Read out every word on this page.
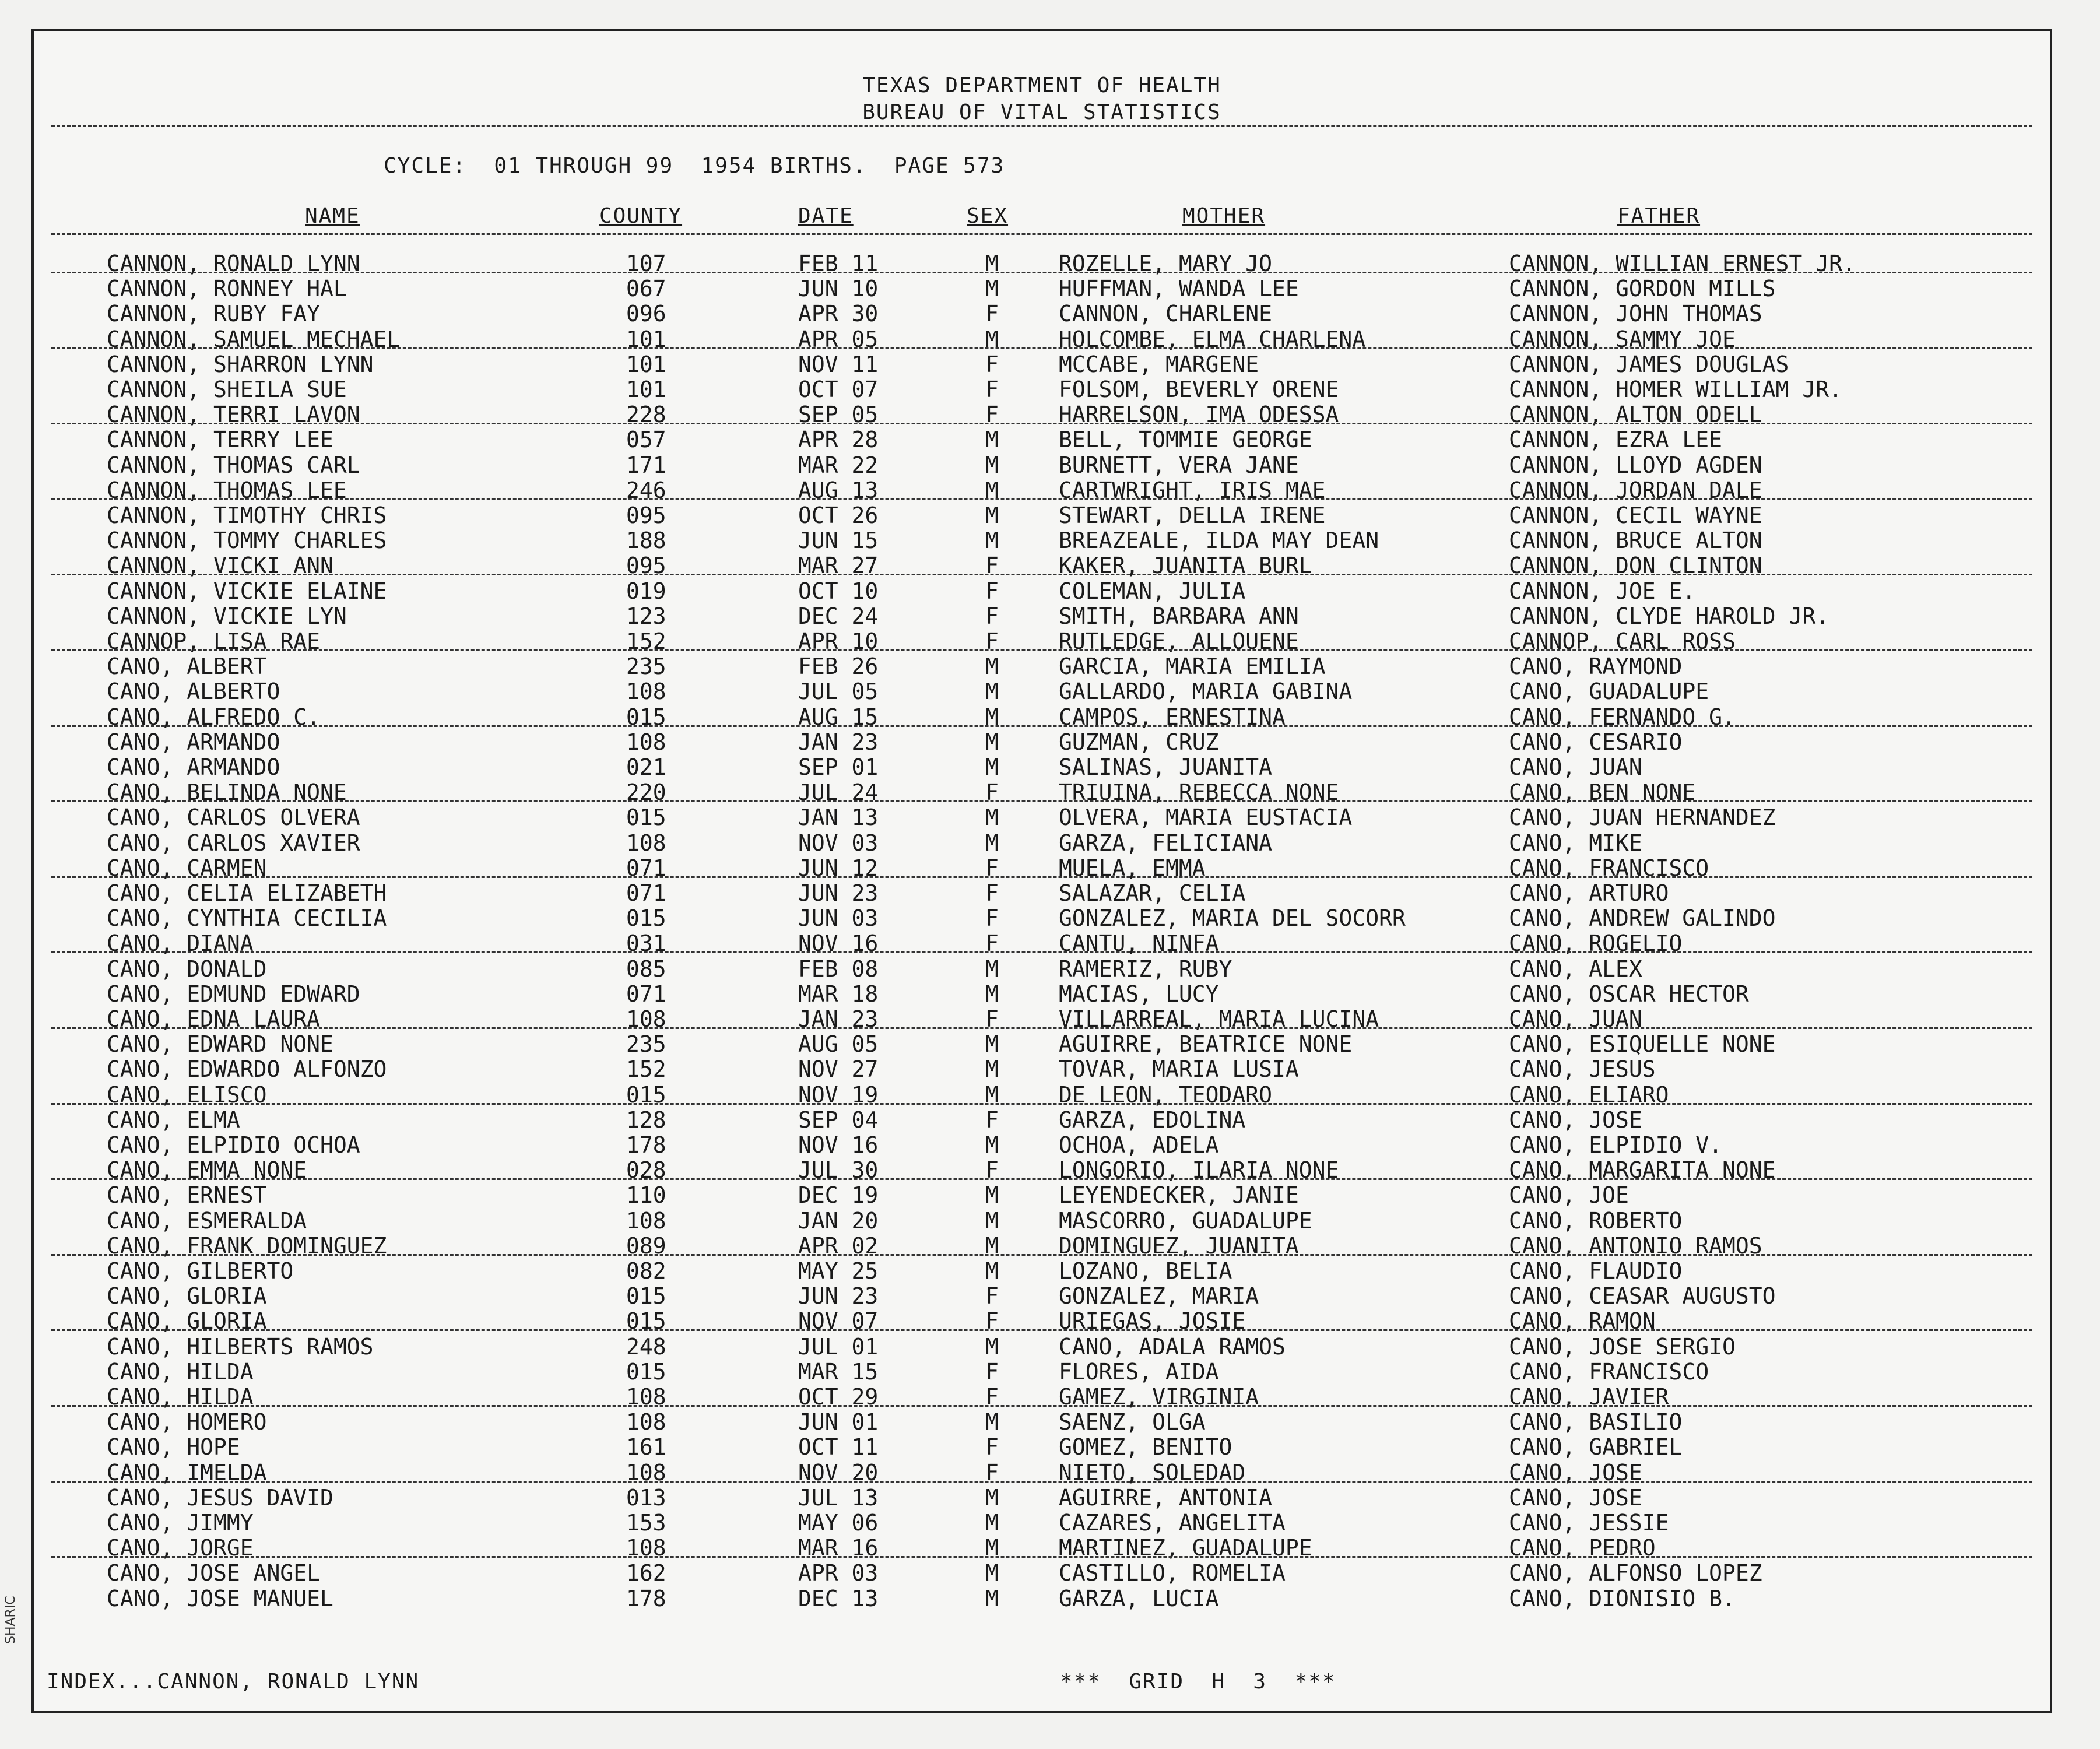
TEXAS DEPARTMENT OF HEALTH
BUREAU OF VITAL STATISTICS
CYCLE:  01 THROUGH 99  1954 BIRTHS.  PAGE 573
NAME	COUNTY	DATE	SEX	MOTHER	FATHER
INDEX...CANNON, RONALD LYNN	***  GRID  H  3  ***
CANNON, RONALD LYNN	107	FEB 11	M	ROZELLE, MARY JO	CANNON, WILLIAN ERNEST JR.
CANNON, RONNEY HAL	067	JUN 10	M	HUFFMAN, WANDA LEE	CANNON, GORDON MILLS
CANNON, RUBY FAY	096	APR 30	F	CANNON, CHARLENE	CANNON, JOHN THOMAS
CANNON, SAMUEL MECHAEL	101	APR 05	M	HOLCOMBE, ELMA CHARLENA	CANNON, SAMMY JOE
CANNON, SHARRON LYNN	101	NOV 11	F	MCCABE, MARGENE	CANNON, JAMES DOUGLAS
CANNON, SHEILA SUE	101	OCT 07	F	FOLSOM, BEVERLY ORENE	CANNON, HOMER WILLIAM JR.
CANNON, TERRI LAVON	228	SEP 05	F	HARRELSON, IMA ODESSA	CANNON, ALTON ODELL
CANNON, TERRY LEE	057	APR 28	M	BELL, TOMMIE GEORGE	CANNON, EZRA LEE
CANNON, THOMAS CARL	171	MAR 22	M	BURNETT, VERA JANE	CANNON, LLOYD AGDEN
CANNON, THOMAS LEE	246	AUG 13	M	CARTWRIGHT, IRIS MAE	CANNON, JORDAN DALE
CANNON, TIMOTHY CHRIS	095	OCT 26	M	STEWART, DELLA IRENE	CANNON, CECIL WAYNE
CANNON, TOMMY CHARLES	188	JUN 15	M	BREAZEALE, ILDA MAY DEAN	CANNON, BRUCE ALTON
CANNON, VICKI ANN	095	MAR 27	F	KAKER, JUANITA BURL	CANNON, DON CLINTON
CANNON, VICKIE ELAINE	019	OCT 10	F	COLEMAN, JULIA	CANNON, JOE E.
CANNON, VICKIE LYN	123	DEC 24	F	SMITH, BARBARA ANN	CANNON, CLYDE HAROLD JR.
CANNOP, LISA RAE	152	APR 10	F	RUTLEDGE, ALLOUENE	CANNOP, CARL ROSS
CANO, ALBERT	235	FEB 26	M	GARCIA, MARIA EMILIA	CANO, RAYMOND
CANO, ALBERTO	108	JUL 05	M	GALLARDO, MARIA GABINA	CANO, GUADALUPE
CANO, ALFREDO C.	015	AUG 15	M	CAMPOS, ERNESTINA	CANO, FERNANDO G.
CANO, ARMANDO	108	JAN 23	M	GUZMAN, CRUZ	CANO, CESARIO
CANO, ARMANDO	021	SEP 01	M	SALINAS, JUANITA	CANO, JUAN
CANO, BELINDA NONE	220	JUL 24	F	TRIUINA, REBECCA NONE	CANO, BEN NONE
CANO, CARLOS OLVERA	015	JAN 13	M	OLVERA, MARIA EUSTACIA	CANO, JUAN HERNANDEZ
CANO, CARLOS XAVIER	108	NOV 03	M	GARZA, FELICIANA	CANO, MIKE
CANO, CARMEN	071	JUN 12	F	MUELA, EMMA	CANO, FRANCISCO
CANO, CELIA ELIZABETH	071	JUN 23	F	SALAZAR, CELIA	CANO, ARTURO
CANO, CYNTHIA CECILIA	015	JUN 03	F	GONZALEZ, MARIA DEL SOCORR	CANO, ANDREW GALINDO
CANO, DIANA	031	NOV 16	F	CANTU, NINFA	CANO, ROGELIO
CANO, DONALD	085	FEB 08	M	RAMERIZ, RUBY	CANO, ALEX
CANO, EDMUND EDWARD	071	MAR 18	M	MACIAS, LUCY	CANO, OSCAR HECTOR
CANO, EDNA LAURA	108	JAN 23	F	VILLARREAL, MARIA LUCINA	CANO, JUAN
CANO, EDWARD NONE	235	AUG 05	M	AGUIRRE, BEATRICE NONE	CANO, ESIQUELLE NONE
CANO, EDWARDO ALFONZO	152	NOV 27	M	TOVAR, MARIA LUSIA	CANO, JESUS
CANO, ELISCO	015	NOV 19	M	DE LEON, TEODARO	CANO, ELIARO
CANO, ELMA	128	SEP 04	F	GARZA, EDOLINA	CANO, JOSE
CANO, ELPIDIO OCHOA	178	NOV 16	M	OCHOA, ADELA	CANO, ELPIDIO V.
CANO, EMMA NONE	028	JUL 30	F	LONGORIO, ILARIA NONE	CANO, MARGARITA NONE
CANO, ERNEST	110	DEC 19	M	LEYENDECKER, JANIE	CANO, JOE
CANO, ESMERALDA	108	JAN 20	M	MASCORRO, GUADALUPE	CANO, ROBERTO
CANO, FRANK DOMINGUEZ	089	APR 02	M	DOMINGUEZ, JUANITA	CANO, ANTONIO RAMOS
CANO, GILBERTO	082	MAY 25	M	LOZANO, BELIA	CANO, FLAUDIO
CANO, GLORIA	015	JUN 23	F	GONZALEZ, MARIA	CANO, CEASAR AUGUSTO
CANO, GLORIA	015	NOV 07	F	URIEGAS, JOSIE	CANO, RAMON
CANO, HILBERTS RAMOS	248	JUL 01	M	CANO, ADALA RAMOS	CANO, JOSE SERGIO
CANO, HILDA	015	MAR 15	F	FLORES, AIDA	CANO, FRANCISCO
CANO, HILDA	108	OCT 29	F	GAMEZ, VIRGINIA	CANO, JAVIER
CANO, HOMERO	108	JUN 01	M	SAENZ, OLGA	CANO, BASILIO
CANO, HOPE	161	OCT 11	F	GOMEZ, BENITO	CANO, GABRIEL
CANO, IMELDA	108	NOV 20	F	NIETO, SOLEDAD	CANO, JOSE
CANO, JESUS DAVID	013	JUL 13	M	AGUIRRE, ANTONIA	CANO, JOSE
CANO, JIMMY	153	MAY 06	M	CAZARES, ANGELITA	CANO, JESSIE
CANO, JORGE	108	MAR 16	M	MARTINEZ, GUADALUPE	CANO, PEDRO
CANO, JOSE ANGEL	162	APR 03	M	CASTILLO, ROMELIA	CANO, ALFONSO LOPEZ
CANO, JOSE MANUEL	178	DEC 13	M	GARZA, LUCIA	CANO, DIONISIO B.
SHARIC
